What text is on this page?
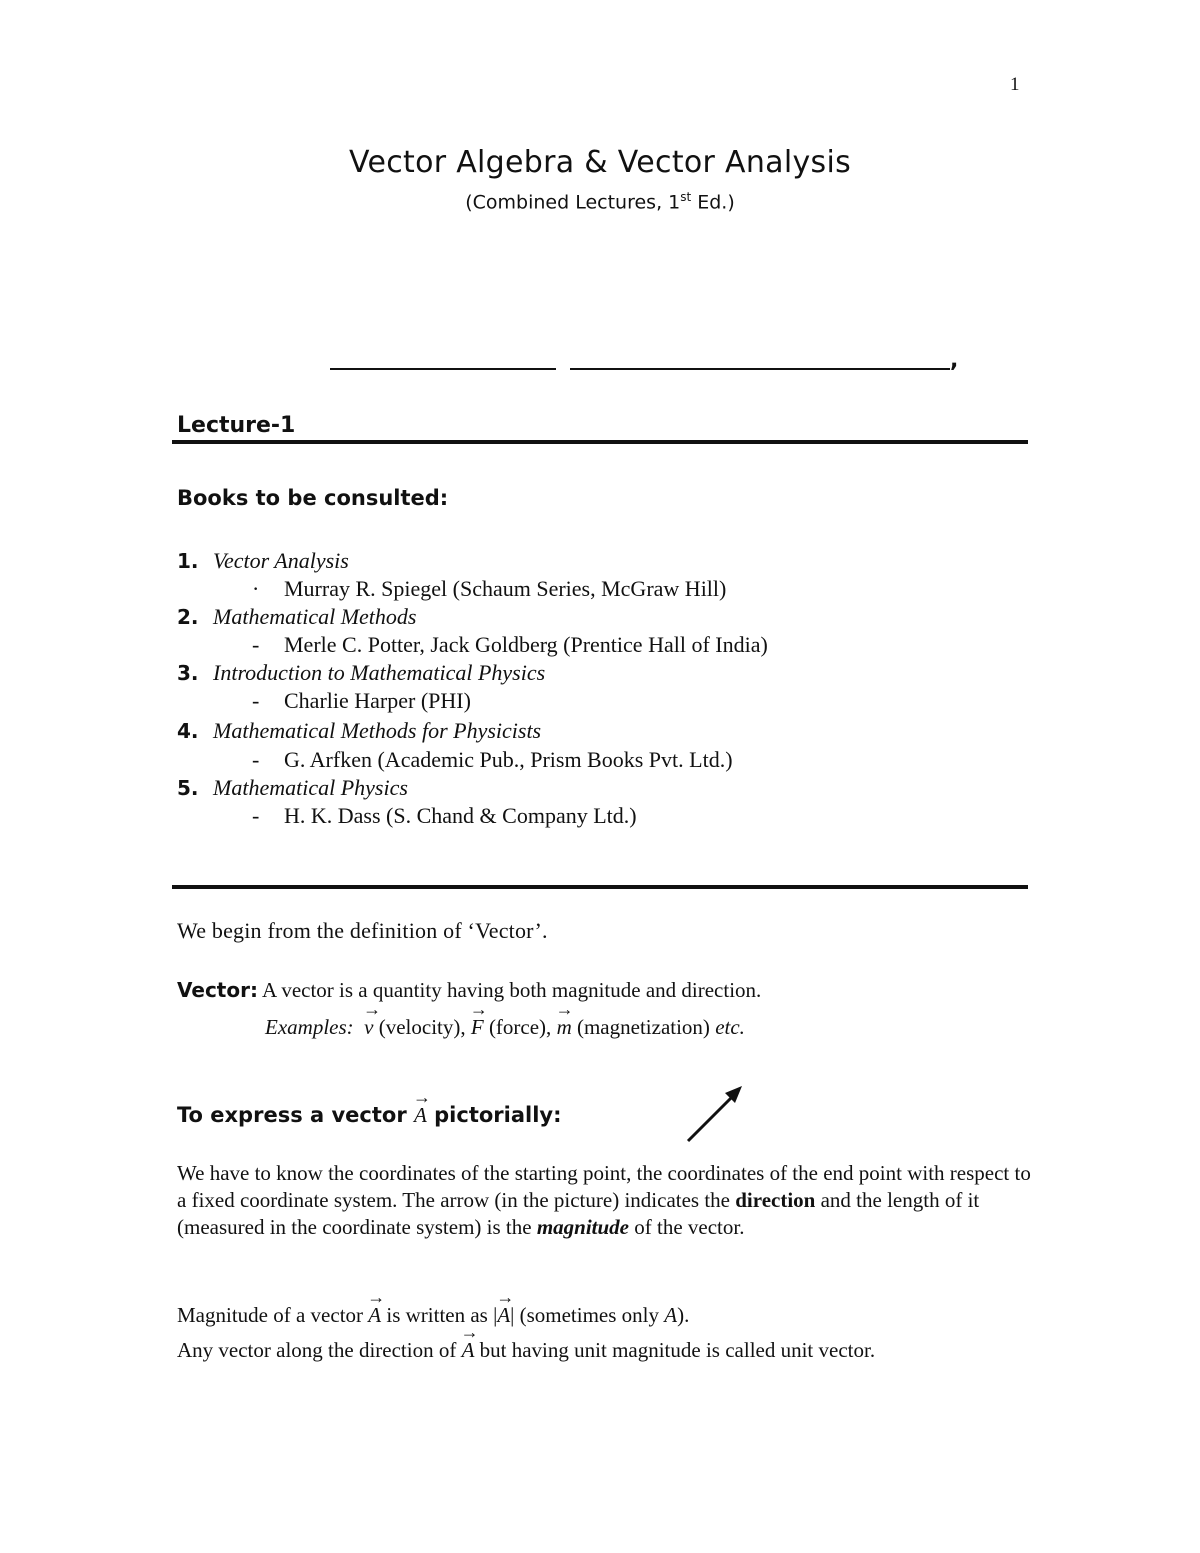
1
Vector Algebra & Vector Analysis
(Combined Lectures, 1st Ed.)
,
Lecture-1
Books to be consulted:
1. Vector Analysis
· Murray R. Spiegel (Schaum Series, McGraw Hill)
2. Mathematical Methods
- Merle C. Potter, Jack Goldberg (Prentice Hall of India)
3. Introduction to Mathematical Physics
- Charlie Harper (PHI)
4. Mathematical Methods for Physicists
- G. Arfken (Academic Pub., Prism Books Pvt. Ltd.)
5. Mathematical Physics
- H. K. Dass (S. Chand & Company Ltd.)
We begin from the definition of ‘Vector’.
Vector: A vector is a quantity having both magnitude and direction.
Examples:
→
v (velocity),
→
F (force),
→
m (magnetization) etc.
To express a vector
→
A pictorially:
We have to know the coordinates of the starting point, the coordinates of the end point with respect to a fixed coordinate system. The arrow (in the picture) indicates the direction and the length of it (measured in the coordinate system) is the magnitude of the vector.
Magnitude of a vector
→
A is written as |
→
A| (sometimes only A).
Any vector along the direction of
→
A but having unit magnitude is called unit vector.
